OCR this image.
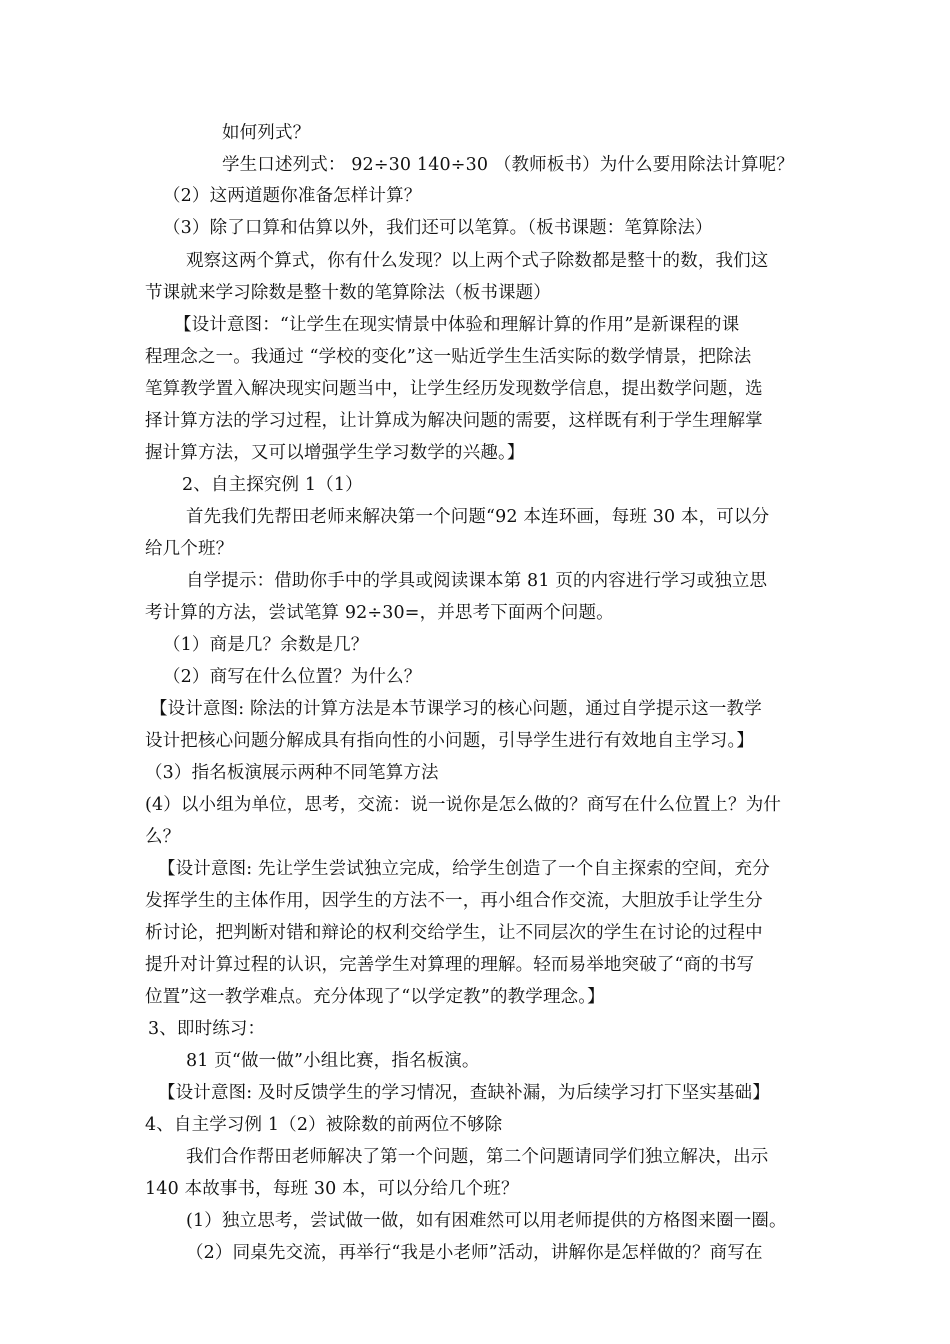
如何列式？
学生口述列式： 92÷30 140÷30 （教师板书）为什么要用除法计算呢？
（2）这两道题你准备怎样计算？
（3）除了口算和估算以外，我们还可以笔算。（板书课题：笔算除法）
观察这两个算式，你有什么发现？以上两个式子除数都是整十的数，我们这
节课就来学习除数是整十数的笔算除法（板书课题）
【设计意图：“让学生在现实情景中体验和理解计算的作用”是新课程的课
程理念之一。我通过 “学校的变化”这一贴近学生生活实际的数学情景，把除法
笔算教学置入解决现实问题当中，让学生经历发现数学信息，提出数学问题，选
择计算方法的学习过程，让计算成为解决问题的需要，这样既有利于学生理解掌
握计算方法，又可以增强学生学习数学的兴趣。】
2、自主探究例 1（1）
首先我们先帮田老师来解决第一个问题“92 本连环画，每班 30 本，可以分
给几个班？
自学提示：借助你手中的学具或阅读课本第 81 页的内容进行学习或独立思
考计算的方法，尝试笔算 92÷30=，并思考下面两个问题。
（1）商是几？余数是几？
（2）商写在什么位置？为什么？
【设计意图: 除法的计算方法是本节课学习的核心问题，通过自学提示这一教学
设计把核心问题分解成具有指向性的小问题，引导学生进行有效地自主学习。】
（3）指名板演展示两种不同笔算方法
(4）以小组为单位，思考，交流：说一说你是怎么做的？商写在什么位置上？为什
么？
【设计意图: 先让学生尝试独立完成，给学生创造了一个自主探索的空间，充分
发挥学生的主体作用，因学生的方法不一，再小组合作交流，大胆放手让学生分
析讨论，把判断对错和辩论的权利交给学生，让不同层次的学生在讨论的过程中
提升对计算过程的认识，完善学生对算理的理解。轻而易举地突破了“商的书写
位置”这一教学难点。充分体现了“以学定教”的教学理念。】
3、即时练习：
81 页“做一做”小组比赛，指名板演。
【设计意图: 及时反馈学生的学习情况，查缺补漏，为后续学习打下坚实基础】
4、自主学习例 1（2）被除数的前两位不够除
我们合作帮田老师解决了第一个问题，第二个问题请同学们独立解决，出示
140 本故事书，每班 30 本，可以分给几个班？
(1）独立思考，尝试做一做，如有困难然可以用老师提供的方格图来圈一圈。
（2）同桌先交流，再举行“我是小老师”活动，讲解你是怎样做的？商写在
